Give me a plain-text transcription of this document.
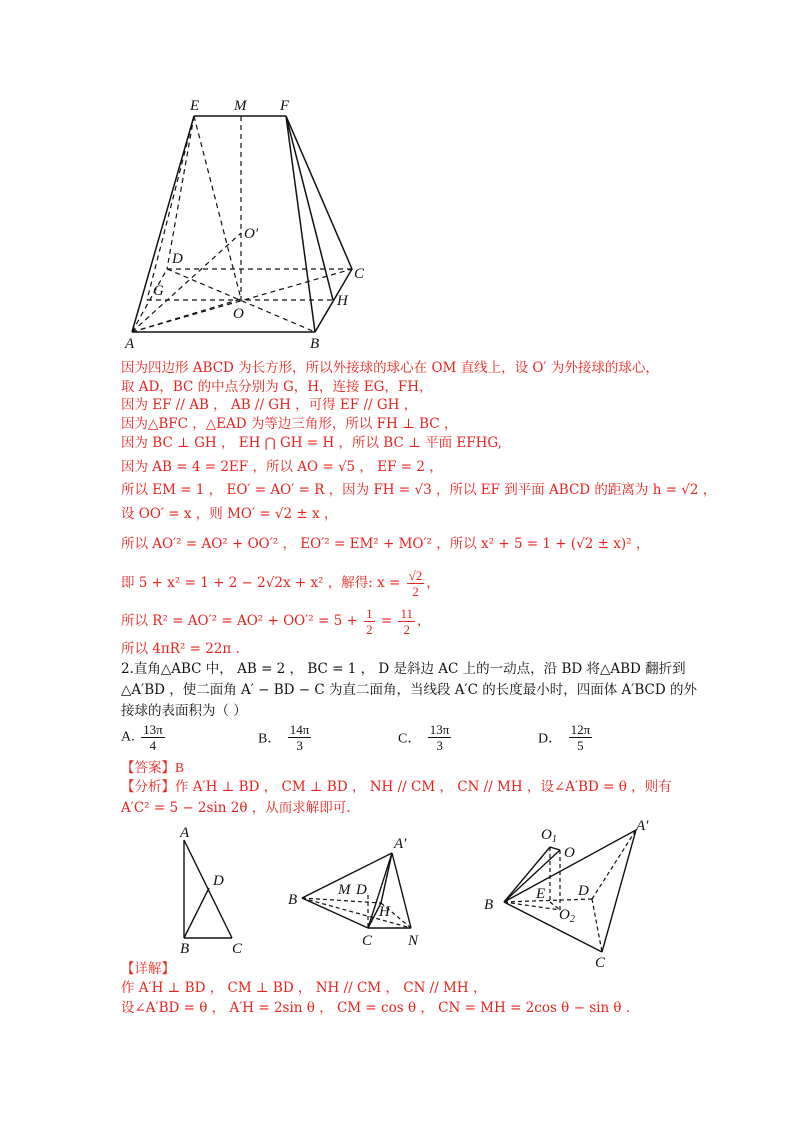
E M F
O′
D
C
G
H
O
A	B
因为四边形 ABCD 为长方形，所以外接球的球心在 OM 直线上，设 O′ 为外接球的球心，
取 AD，BC 的中点分别为 G，H，连接 EG，FH，
因为 EF // AB ， AB // GH ，可得 EF // GH ，
因为△BFC ，△EAD 为等边三角形，所以 FH ⊥ BC ，
因为 BC ⊥ GH ， EH ⋂ GH = H ，所以 BC ⊥ 平面 EFHG,
因为 AB = 4 = 2EF ，所以 AO = √5 ， EF = 2 ，
所以 EM = 1 ， EO′ = AO′ = R ，因为 FH = √3 ，所以 EF 到平面 ABCD 的距离为 h = √2 ，
设 OO′ = x ，则 MO′ = √2 ± x ，
所以 AO′² = AO² + OO′² ， EO′² = EM² + MO′² ，所以 x² + 5 = 1 + (√2 ± x)² ，
即 5 + x² = 1 + 2 − 2√2x + x² ，解得: $x = \frac{√2}{2}$ ，
所以 $R^2 = AO'^2 = AO^2 + OO'^2 = 5 + \frac{1}{2} = \frac{11}{2}$ ，
所以 4πR² = 22π .
2.直角△ABC 中， AB = 2 ， BC = 1 ， D 是斜边 AC 上的一动点，沿 BD 将△ABD 翻折到
△A′BD ，使二面角 A′ − BD − C 为直二面角，当线段 A′C 的长度最小时，四面体 A′BCD 的外
接球的表面积为（ ）
A. $\frac{13\pi}{4}$	B． $\frac{14\pi}{3}$	C． $\frac{13\pi}{3}$	D． $\frac{12\pi}{5}$
【答案】B
【分析】作 A′H ⊥ BD ， CM ⊥ BD ， NH // CM ， CN // MH ，设∠A′BD = θ ，则有
A′C² = 5 − 2sin 2θ ，从而求解即可.
A
D
B	C
A′
M D
B
H
C N
$O_1$
O
A′
E D
B
$O_2$
C
【详解】
作 A′H ⊥ BD ， CM ⊥ BD ， NH // CM ， CN // MH ，
设∠A′BD = θ ， A′H = 2sin θ ， CM = cos θ ， CN = MH = 2cos θ − sin θ .
